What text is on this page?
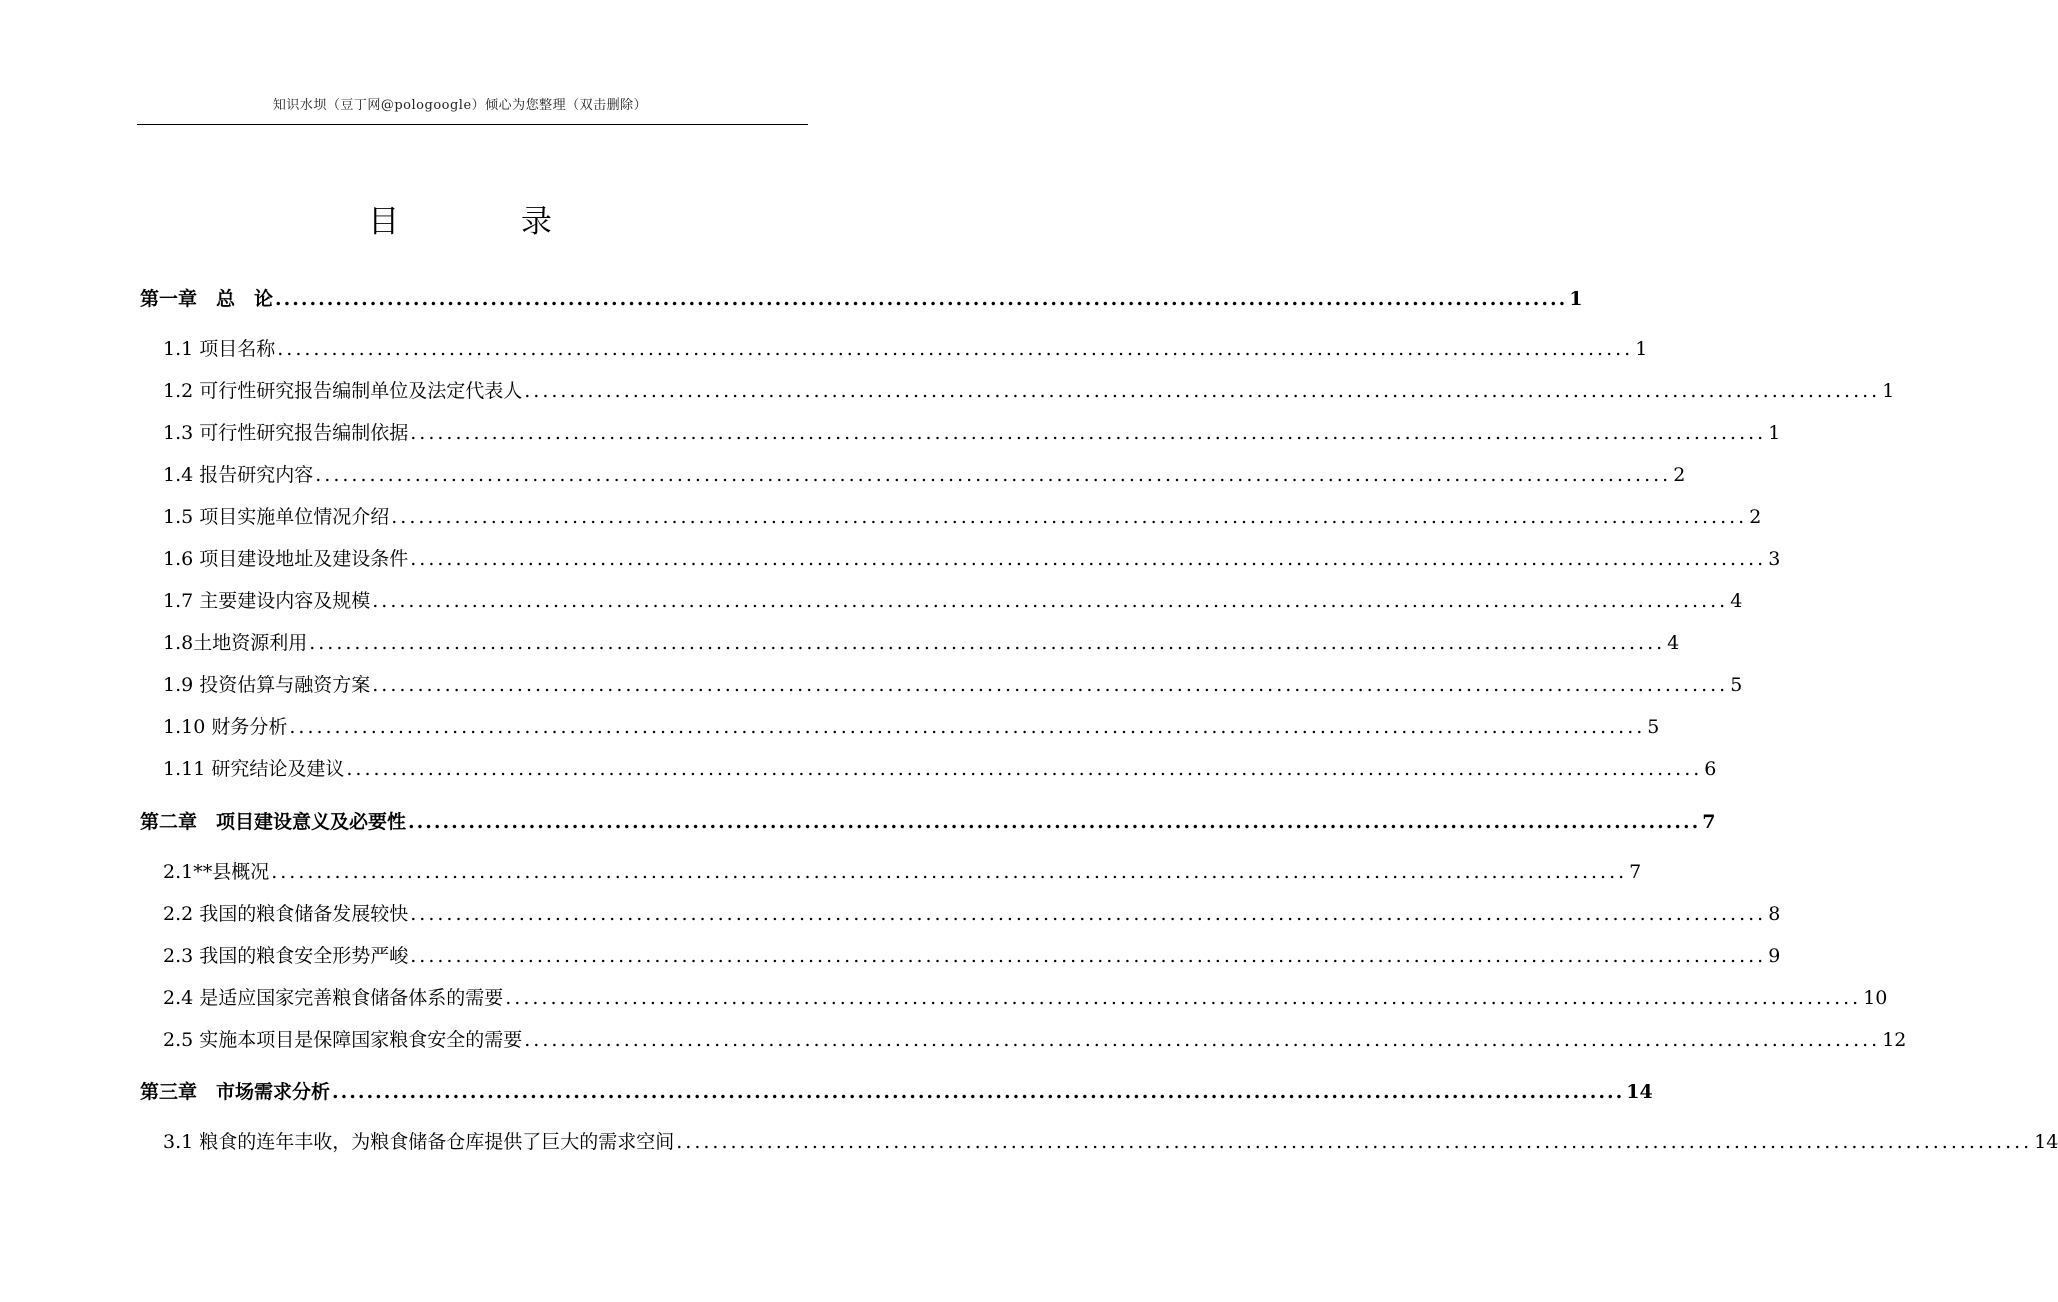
知识水坝（豆丁网@pologoogle）倾心为您整理（双击删除）
目 录
第一章　总　论 ...................................................................................................................................................... 1
1.1 项目名称 ...................................................................................................................................................... 1
1.2 可行性研究报告编制单位及法定代表人 ...................................................................................................................................................... 1
1.3 可行性研究报告编制依据 ...................................................................................................................................................... 1
1.4 报告研究内容 ...................................................................................................................................................... 2
1.5 项目实施单位情况介绍 ...................................................................................................................................................... 2
1.6 项目建设地址及建设条件 ...................................................................................................................................................... 3
1.7 主要建设内容及规模 ...................................................................................................................................................... 4
1.8土地资源利用 ...................................................................................................................................................... 4
1.9 投资估算与融资方案 ...................................................................................................................................................... 5
1.10 财务分析 ...................................................................................................................................................... 5
1.11 研究结论及建议 ...................................................................................................................................................... 6
第二章　项目建设意义及必要性 ...................................................................................................................................................... 7
2.1**县概况 ...................................................................................................................................................... 7
2.2 我国的粮食储备发展较快 ...................................................................................................................................................... 8
2.3 我国的粮食安全形势严峻 ...................................................................................................................................................... 9
2.4 是适应国家完善粮食储备体系的需要 ...................................................................................................................................................... 10
2.5 实施本项目是保障国家粮食安全的需要 ...................................................................................................................................................... 12
第三章　市场需求分析 ...................................................................................................................................................... 14
3.1 粮食的连年丰收，为粮食储备仓库提供了巨大的需求空间 ...................................................................................................................................................... 14
